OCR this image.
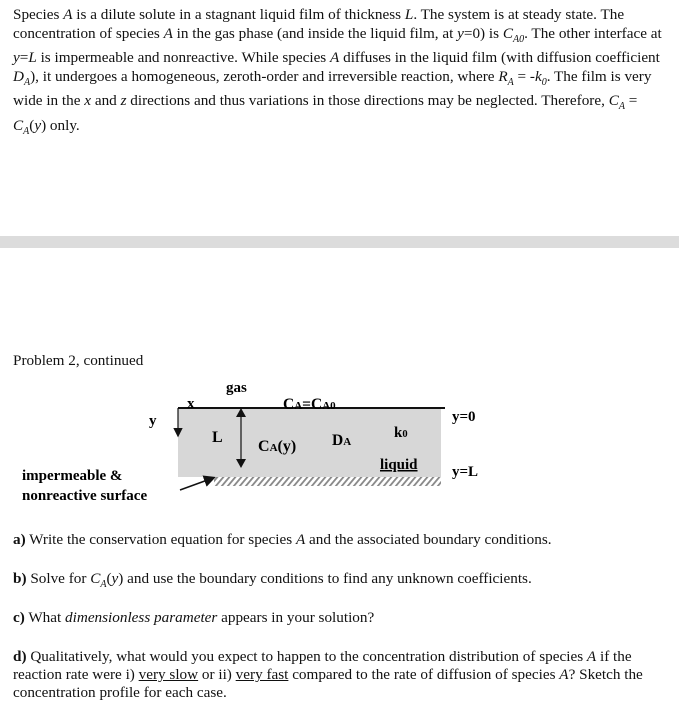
Species A is a dilute solute in a stagnant liquid film of thickness L. The system is at steady state. The concentration of species A in the gas phase (and inside the liquid film, at y=0) is $C_{A0}$. The other interface at y=L is impermeable and nonreactive. While species A diffuses in the liquid film (with diffusion coefficient $D_A$), it undergoes a homogeneous, zeroth-order and irreversible reaction, where $R_A = -k_0$. The film is very wide in the x and z directions and thus variations in those directions may be neglected. Therefore, $C_A = C_A(y)$ only.
Problem 2, continued
gas
x
y
L
CA=CA0
CA(y) DA
k0
liquid
y=0
y=L
impermeable &
nonreactive surface
a) Write the conservation equation for species A and the associated boundary conditions.
b) Solve for $C_A(y)$ and use the boundary conditions to find any unknown coefficients.
c) What dimensionless parameter appears in your solution?
d) Qualitatively, what would you expect to happen to the concentration distribution of species A if the reaction rate were i) very slow or ii) very fast compared to the rate of diffusion of species A? Sketch the concentration profile for each case.
